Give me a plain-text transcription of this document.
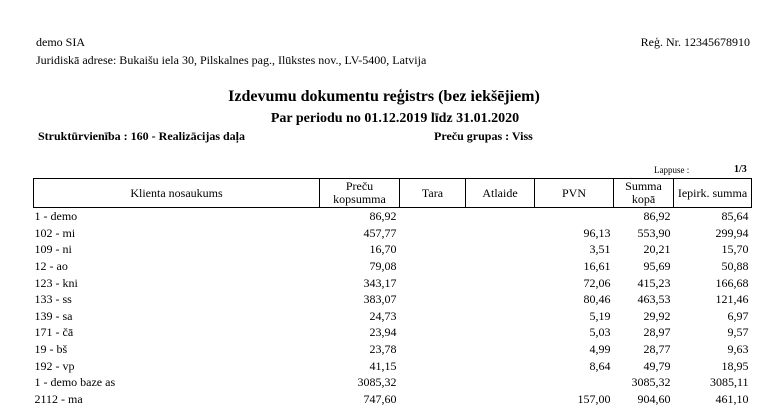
demo SIA	Reģ. Nr. 12345678910
Juridiskā adrese: Bukaišu iela 30, Pilskalnes pag., Ilūkstes nov., LV-5400, Latvija
Izdevumu dokumentu reģistrs (bez iekšējiem)
Par periodu no 01.12.2019 līdz 31.01.2020
Struktūrvienība : 160 - Realizācijas daļa	Preču grupas : Viss
Lappuse :	1/3
Klienta nosaukums	Preču kopsumma	Tara	Atlaide	PVN	Summa kopā	Iepirk. summa
1 - demo	86,92				86,92	85,64
102 - mi	457,77			96,13	553,90	299,94
109 - ni	16,70			3,51	20,21	15,70
12 - ao	79,08			16,61	95,69	50,88
123 - kni	343,17			72,06	415,23	166,68
133 - ss	383,07			80,46	463,53	121,46
139 - sa	24,73			5,19	29,92	6,97
171 - čā	23,94			5,03	28,97	9,57
19 - bš	23,78			4,99	28,77	9,63
192 - vp	41,15			8,64	49,79	18,95
1 - demo baze as	3085,32				3085,32	3085,11
2112 - ma	747,60			157,00	904,60	461,10
